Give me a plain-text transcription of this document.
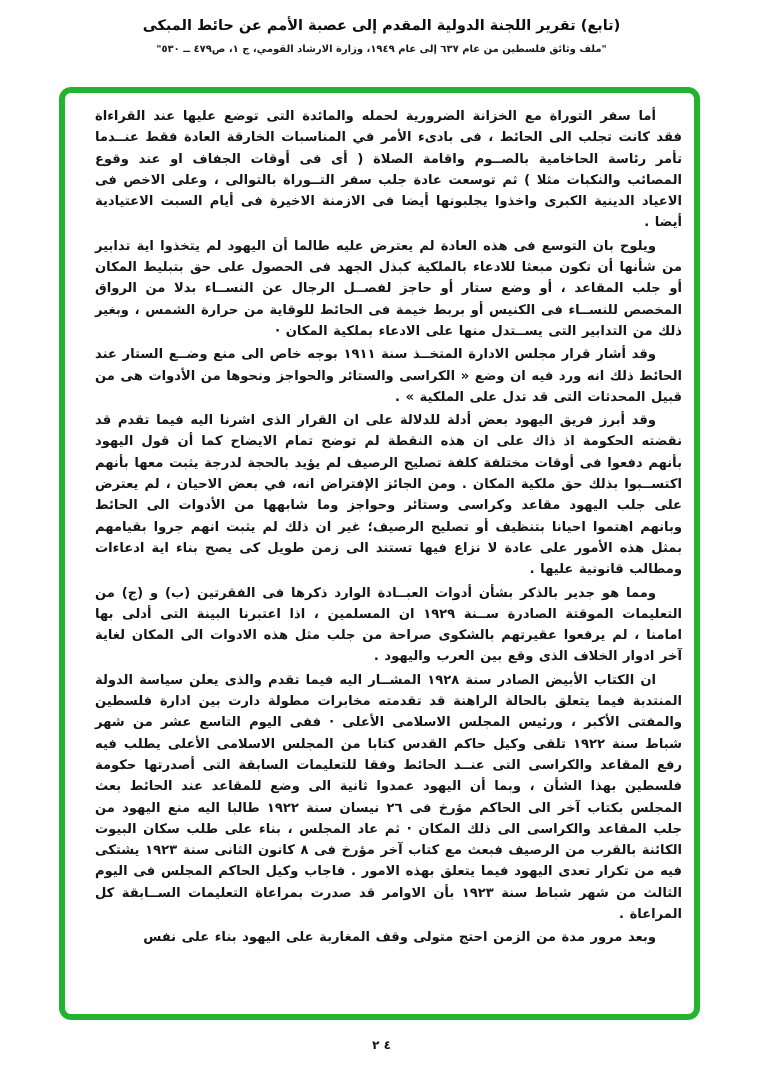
(تابع) تقرير اللجنة الدولية المقدم إلى عصبة الأمم عن حائط المبكى
"ملف وثائق فلسطين من عام ٦٣٧ إلى عام ١٩٤٩، وزارة الارشاد القومي، ج ١، ص٤٧٩ ــ ٥٣٠"

أما سفر التوراة مع الخزانة الضرورية لحمله والمائدة التى توضع عليها عند القراءاة فقد كانت تجلب الى الحائط ، فى بادىء الأمر في المناسبات الخارقة العادة فقط عنــدما تأمر رئاسة الحاخامية بالصــوم واقامة الصلاة ( أى فى أوقات الجفاف او عند وقوع المصائب والنكبات مثلا ) ثم توسعت عادة جلب سفر التــوراة بالتوالى ، وعلى الاخص فى الاعياد الدينية الكبرى واخذوا يجلبونها أيضا فى الازمنة الاخيرة فى أيام السبت الاعتيادية أيضا .

ويلوح بان التوسع فى هذه العادة لم يعترض عليه طالما أن اليهود لم يتخذوا اية تدابير من شأنها أن تكون مبعثا للادعاء بالملكية كبذل الجهد فى الحصول على حق بتبليط المكان أو جلب المقاعد ، أو وضع ستار أو حاجز لفصــل الرجال عن النســاء بدلا من الرواق المخصص للنســاء فى الكنيس أو بربط خيمة فى الحائط للوقاية من حرارة الشمس ، وبغير ذلك من التدابير التى يســتدل منها على الادعاء بملكية المكان ·

وقد أشار قرار مجلس الادارة المتخــذ سنة ١٩١١ بوجه خاص الى منع وضــع الستار عند الحائط ذلك انه ورد فيه ان وضع « الكراسى والستائر والحواجز ونحوها من الأدوات هى من قبيل المحدثات التى قد تدل على الملكية » .

وقد أبرز فريق اليهود بعض أدلة للدلالة على ان القرار الذى اشرنا اليه فيما تقدم قد نقضته الحكومة اذ ذاك على ان هذه النقطة لم توضح تمام الايضاح كما أن قول اليهود بأنهم دفعوا فى أوقات مختلفة كلفة تصليح الرصيف لم يؤيد بالحجة لدرجة يثبت معها بأنهم اكتســبوا بذلك حق ملكية المكان . ومن الجائز الإفتراض انه، في بعض الاحيان ، لم يعترض على جلب اليهود مقاعد وكراسى وستائر وحواجز وما شابهها من الأدوات الى الحائط وبانهم اهتموا احيانا بتنظيف أو تصليح الرصيف؛ غير ان ذلك لم يثبت انهم جروا بقيامهم بمثل هذه الأمور على عادة لا نزاع فيها تستند الى زمن طويل كى يصح بناء اية ادعاءات ومطالب قانونية عليها .

ومما هو جدير بالذكر بشأن أدوات العبــادة الوارد ذكرها فى الفقرتين (ب) و (ج) من التعليمات الموقتة الصادرة ســنة ١٩٢٩ ان المسلمين ، اذا اعتبرنا البينة التى أدلى بها امامنا ، لم يرفعوا عقيرتهم بالشكوى صراحة من جلب مثل هذه الادوات الى المكان لغاية آخر ادوار الخلاف الذى وقع بين العرب واليهود .

ان الكتاب الأبيض الصادر سنة ١٩٢٨ المشــار اليه فيما تقدم والذى يعلن سياسة الدولة المنتدبة فيما يتعلق بالحالة الراهنة قد تقدمته مخابرات مطولة دارت بين ادارة فلسطين والمفتى الأكبر ، ورئيس المجلس الاسلامى الأعلى · ففى اليوم التاسع عشر من شهر شباط سنة ١٩٢٢ تلقى وكيل حاكم القدس كتابا من المجلس الاسلامى الأعلى يطلب فيه رفع المقاعد والكراسى التى عنــد الحائط وفقا للتعليمات السابقة التى أصدرتها حكومة فلسطين بهذا الشأن ، وبما أن اليهود عمدوا ثانية الى وضع للمقاعد عند الحائط بعث المجلس بكتاب آخر الى الحاكم مؤرخ فى ٢٦ نيسان سنة ١٩٢٢ طالبا اليه منع اليهود من جلب المقاعد والكراسى الى ذلك المكان · ثم عاد المجلس ، بناء على طلب سكان البيوت الكائنة بالقرب من الرصيف فبعث مع كتاب آخر مؤرخ فى ٨ كانون الثانى سنة ١٩٢٣ يشتكى فيه من تكرار تعدى اليهود فيما يتعلق بهذه الامور . فاجاب وكيل الحاكم المجلس فى اليوم الثالث من شهر شباط سنة ١٩٢٣ بأن الاوامر قد صدرت بمراعاة التعليمات الســابقة كل المراعاة .

وبعد مرور مدة من الزمن احتج متولى وقف المغاربة على اليهود بناء على نفس

٤ ٢
